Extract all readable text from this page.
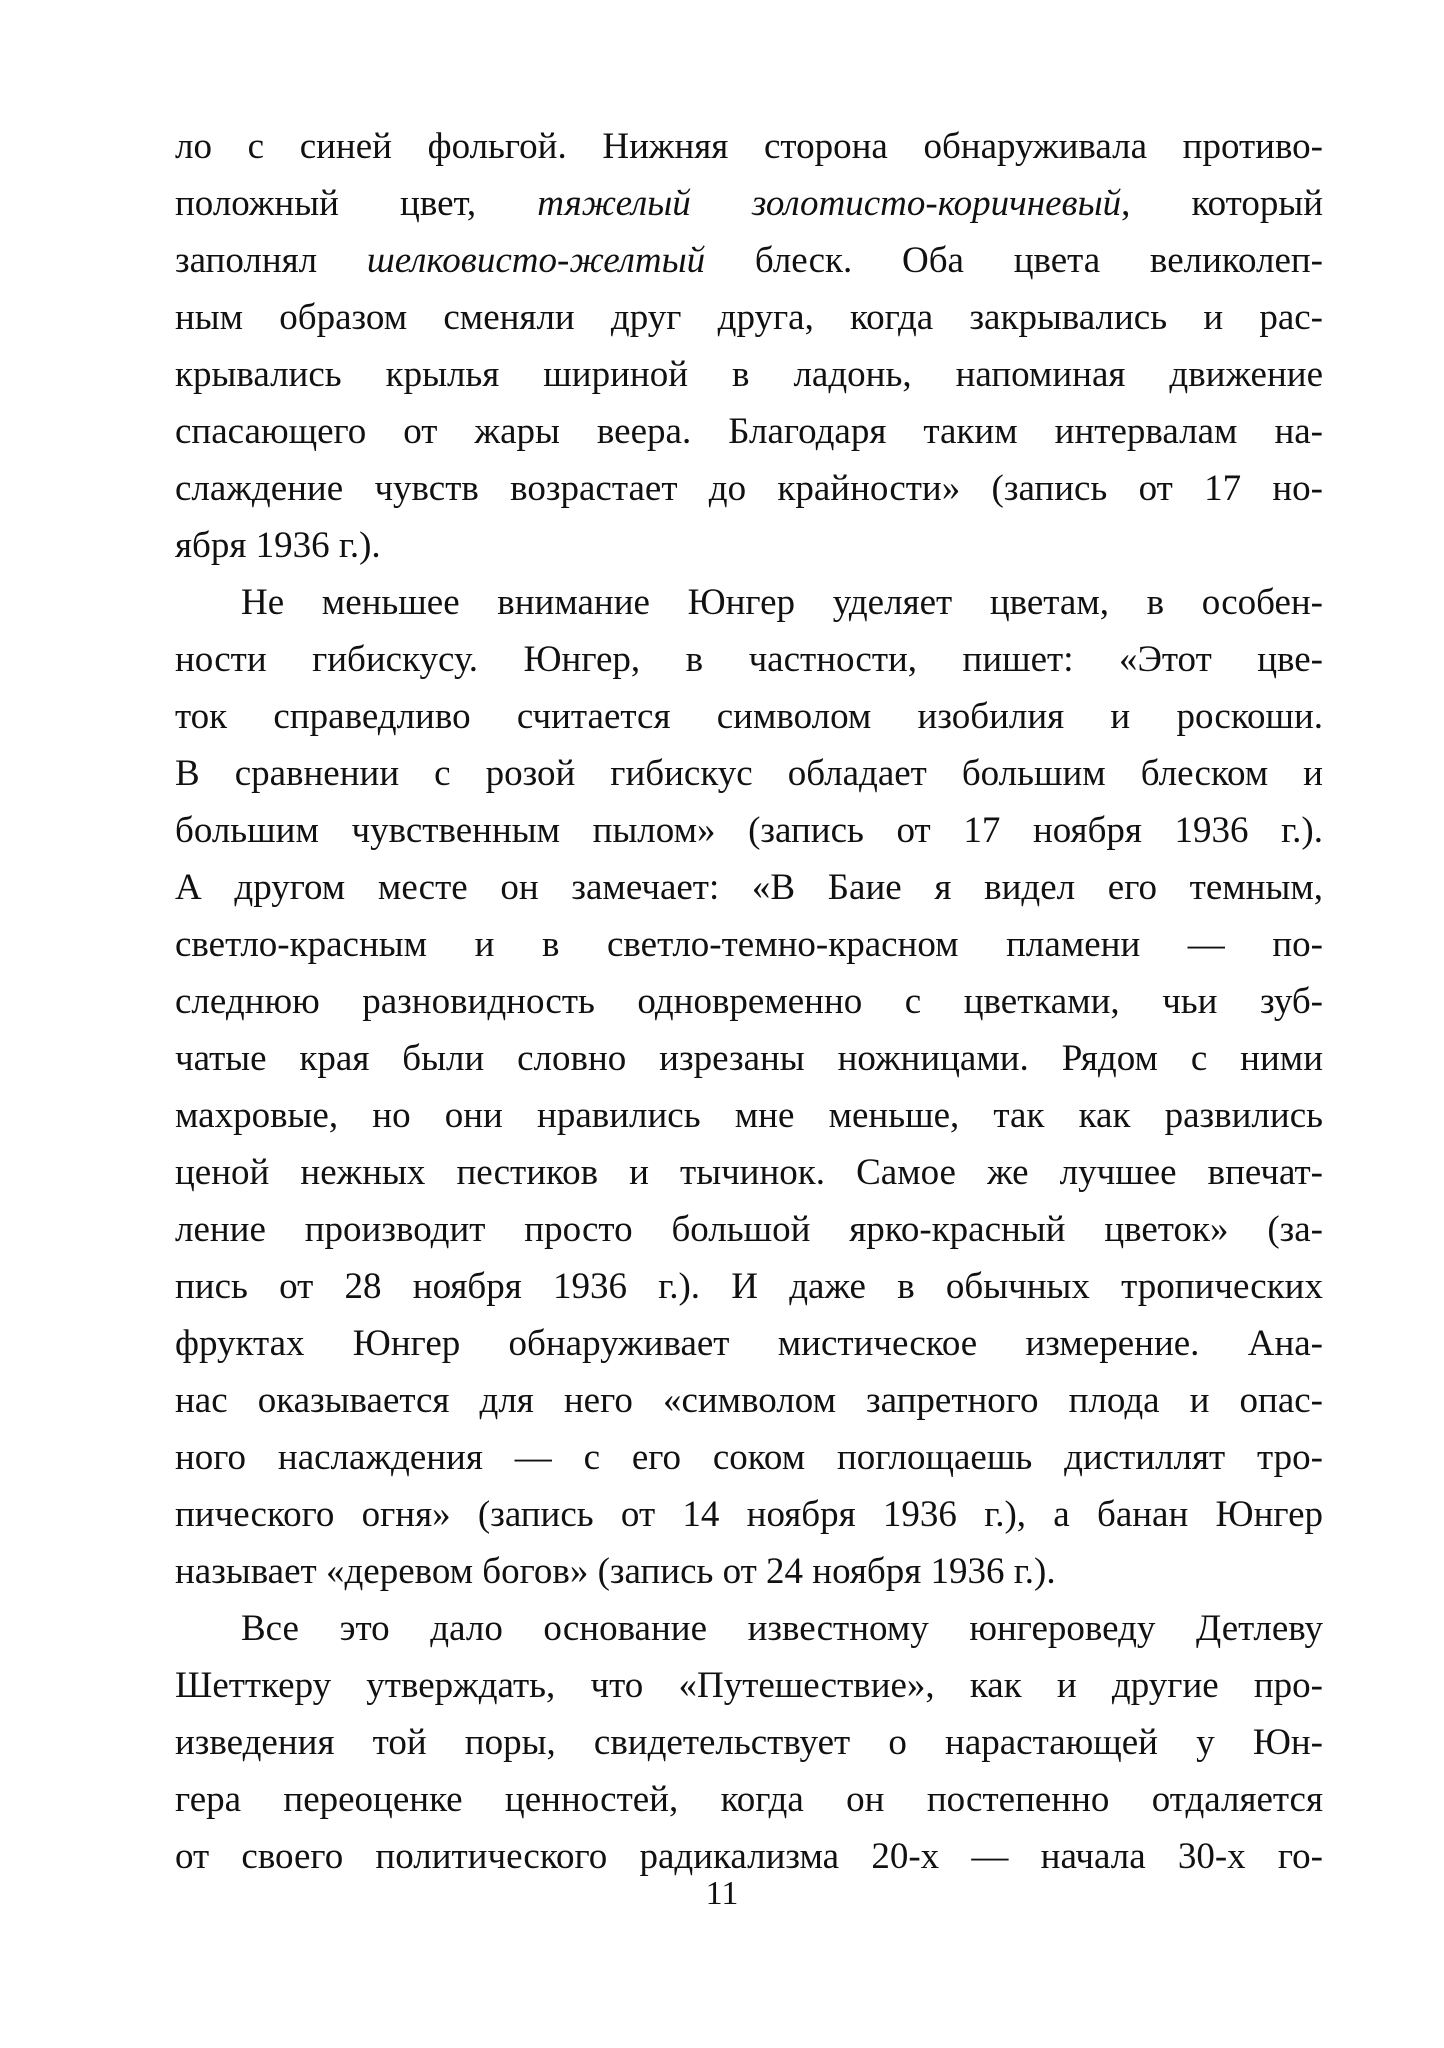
ло с синей фольгой. Нижняя сторона обнаруживала противо-
положный цвет, тяжелый золотисто-коричневый, который
заполнял шелковисто-желтый блеск. Оба цвета великолеп-
ным образом сменяли друг друга, когда закрывались и рас-
крывались крылья шириной в ладонь, напоминая движение
спасающего от жары веера. Благодаря таким интервалам на-
слаждение чувств возрастает до крайности» (запись от 17 но-
ября 1936 г.).
Не меньшее внимание Юнгер уделяет цветам, в особен-
ности гибискусу. Юнгер, в частности, пишет: «Этот цве-
ток справедливо считается символом изобилия и роскоши.
В сравнении с розой гибискус обладает большим блеском и
большим чувственным пылом» (запись от 17 ноября 1936 г.).
А другом месте он замечает: «В Баие я видел его темным,
светло-красным и в светло-темно-красном пламени — по-
следнюю разновидность одновременно с цветками, чьи зуб-
чатые края были словно изрезаны ножницами. Рядом с ними
махровые, но они нравились мне меньше, так как развились
ценой нежных пестиков и тычинок. Самое же лучшее впечат-
ление производит просто большой ярко-красный цветок» (за-
пись от 28 ноября 1936 г.). И даже в обычных тропических
фруктах Юнгер обнаруживает мистическое измерение. Ана-
нас оказывается для него «символом запретного плода и опас-
ного наслаждения — с его соком поглощаешь дистиллят тро-
пического огня» (запись от 14 ноября 1936 г.), а банан Юнгер
называет «деревом богов» (запись от 24 ноября 1936 г.).
Все это дало основание известному юнгероведу Детлеву
Шетткеру утверждать, что «Путешествие», как и другие про-
изведения той поры, свидетельствует о нарастающей у Юн-
гера переоценке ценностей, когда он постепенно отдаляется
от своего политического радикализма 20-х — начала 30-х го-
11
